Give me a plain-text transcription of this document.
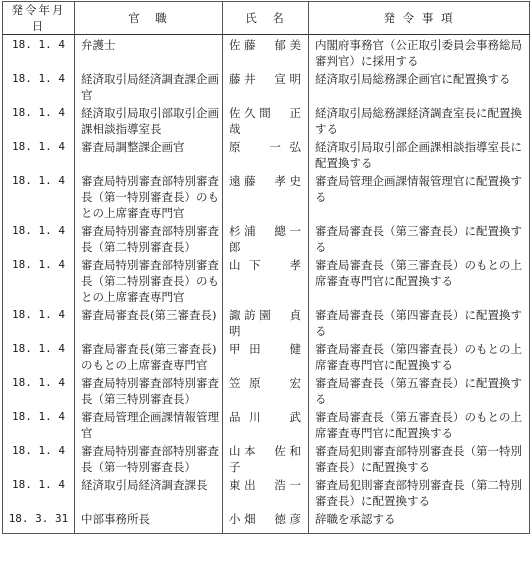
発令年月日	官　職	氏　名	発 令 事 項
18. 1. 4	弁護士	佐藤　郁美	内閣府事務官（公正取引委員会事務総局審判官）に採用する
18. 1. 4	経済取引局経済調査課企画官	藤井　宣明	経済取引局総務課企画官に配置換する
18. 1. 4	経済取引局取引部取引企画課相談指導室長	佐久間　正哉	経済取引局総務課経済調査室長に配置換する
18. 1. 4	審査局調整課企画官	原　一弘	経済取引局取引部企画課相談指導室長に配置換する
18. 1. 4	審査局特別審査部特別審査長（第一特別審査長）のもとの上席審査専門官	遠藤　孝史	審査局管理企画課情報管理官に配置換する
18. 1. 4	審査局特別審査部特別審査長（第二特別審査長）	杉浦　總一郎	審査局審査長（第三審査長）に配置換する
18. 1. 4	審査局特別審査部特別審査長（第二特別審査長）のもとの上席審査専門官	山下　孝	審査局審査長（第三審査長）のもとの上席審査専門官に配置換する
18. 1. 4	審査局審査長(第三審査長)	諏訪園　貞明	審査局審査長（第四審査長）に配置換する
18. 1. 4	審査局審査長(第三審査長)のもとの上席審査専門官	甲田　健	審査局審査長（第四審査長）のもとの上席審査専門官に配置換する
18. 1. 4	審査局特別審査部特別審査長（第三特別審査長）	笠原　宏	審査局審査長（第五審査長）に配置換する
18. 1. 4	審査局管理企画課情報管理官	品川　武	審査局審査長（第五審査長）のもとの上席審査専門官に配置換する
18. 1. 4	審査局特別審査部特別審査長（第一特別審査長）	山本　佐和子	審査局犯則審査部特別審査長（第一特別審査長）に配置換する
18. 1. 4	経済取引局経済調査課長	東出　浩一	審査局犯則審査部特別審査長（第二特別審査長）に配置換する
18. 3. 31	中部事務所長	小畑　徳彦	辞職を承認する
